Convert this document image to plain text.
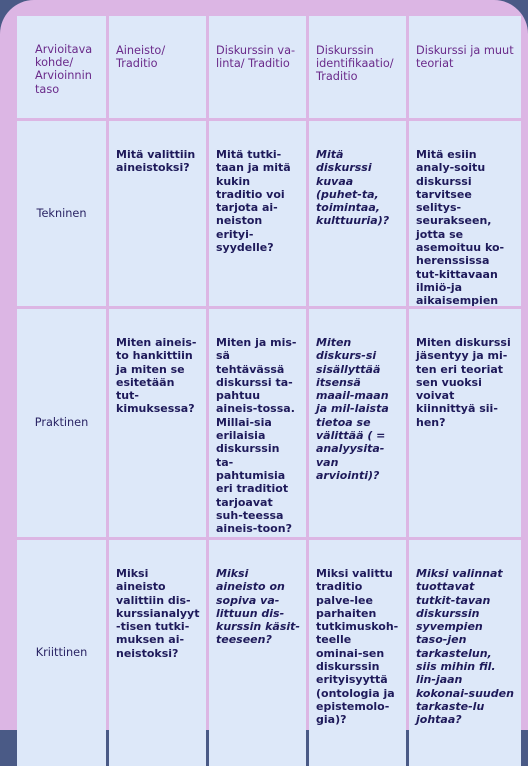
Arvioitava kohde/ Arvioinnin taso
Aineisto/ Traditio
Diskurssin va-linta/ Traditio
Diskurssin identifikaatio/ Traditio
Diskurssi ja muut teoriat
Tekninen
Mitä valittiin aineistoksi?
Mitä tutki-taan ja mitä kukin traditio voi tarjota ai-neiston erityi-syydelle?
Mitä diskurssi kuvaa (puhet-ta, toimintaa, kulttuuria)?
Mitä esiin analy-soitu diskurssi tarvitsee selitys-seurakseen, jotta se asemoituu ko-herenssissa tut-kittavaan ilmiö-ja aikaisempien
Praktinen
Miten aineis-to hankittiin ja miten se esitetään tut-kimuksessa?
Miten ja mis-sä tehtävässä diskurssi ta-pahtuu aineis-tossa. Millai-sia erilaisia diskurssin ta-pahtumisia eri traditiot tarjoavat suh-teessa aineis-toon?
Miten diskurs-si sisällyttää itsensä maail-maan ja mil-laista tietoa se välittää ( = analyysita-van arviointi)?
Miten diskurssi jäsentyy ja mi-ten eri teoriat sen vuoksi voivat kiinnittyä sii-hen?
Kriittinen
Miksi aineisto valittiin dis-kurssianalyyt-tisen tutki-muksen ai-neistoksi?
Miksi aineisto on sopiva va-littuun dis-kurssin käsit-teeseen?
Miksi valittu traditio palve-lee parhaiten tutkimuskoh-teelle ominai-sen diskurssin erityisyyttä (ontologia ja epistemolo-gia)?
Miksi valinnat tuottavat tutkit-tavan diskurssin syvempien taso-jen tarkastelun, siis mihin fil. lin-jaan kokonai-suuden tarkaste-lu johtaa?
